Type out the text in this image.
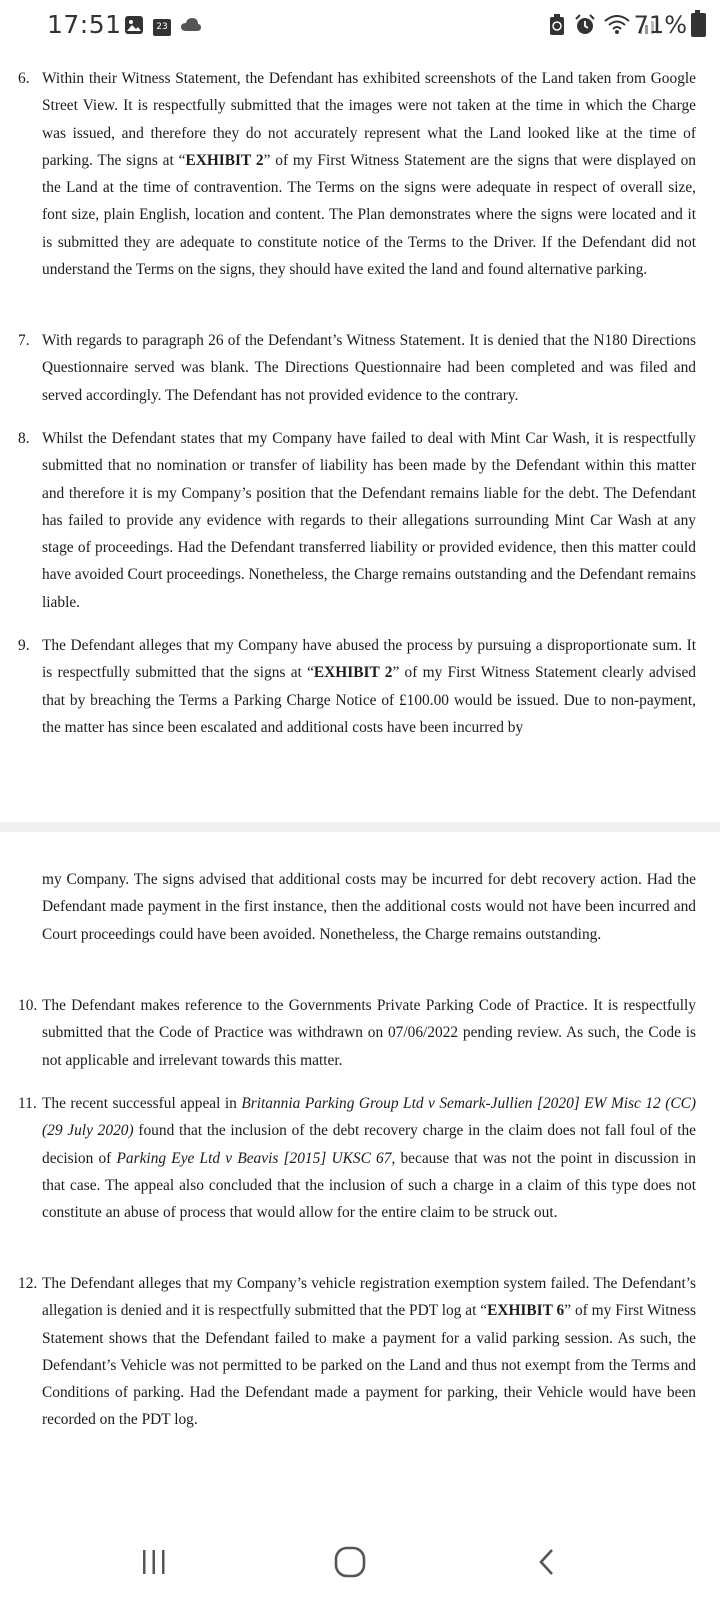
17:51	23	71%
6. Within their Witness Statement, the Defendant has exhibited screenshots of the Land taken from Google Street View. It is respectfully submitted that the images were not taken at the time in which the Charge was issued, and therefore they do not accurately represent what the Land looked like at the time of parking. The signs at “EXHIBIT 2” of my First Witness Statement are the signs that were displayed on the Land at the time of contravention. The Terms on the signs were adequate in respect of overall size, font size, plain English, location and content. The Plan demonstrates where the signs were located and it is submitted they are adequate to constitute notice of the Terms to the Driver. If the Defendant did not understand the Terms on the signs, they should have exited the land and found alternative parking.
7. With regards to paragraph 26 of the Defendant’s Witness Statement. It is denied that the N180 Directions Questionnaire served was blank. The Directions Questionnaire had been completed and was filed and served accordingly. The Defendant has not provided evidence to the contrary.
8. Whilst the Defendant states that my Company have failed to deal with Mint Car Wash, it is respectfully submitted that no nomination or transfer of liability has been made by the Defendant within this matter and therefore it is my Company’s position that the Defendant remains liable for the debt. The Defendant has failed to provide any evidence with regards to their allegations surrounding Mint Car Wash at any stage of proceedings. Had the Defendant transferred liability or provided evidence, then this matter could have avoided Court proceedings. Nonetheless, the Charge remains outstanding and the Defendant remains liable.
9. The Defendant alleges that my Company have abused the process by pursuing a disproportionate sum. It is respectfully submitted that the signs at “EXHIBIT 2” of my First Witness Statement clearly advised that by breaching the Terms a Parking Charge Notice of £100.00 would be issued. Due to non-payment, the matter has since been escalated and additional costs have been incurred by
my Company. The signs advised that additional costs may be incurred for debt recovery action. Had the Defendant made payment in the first instance, then the additional costs would not have been incurred and Court proceedings could have been avoided. Nonetheless, the Charge remains outstanding.
10. The Defendant makes reference to the Governments Private Parking Code of Practice. It is respectfully submitted that the Code of Practice was withdrawn on 07/06/2022 pending review. As such, the Code is not applicable and irrelevant towards this matter.
11. The recent successful appeal in Britannia Parking Group Ltd v Semark-Jullien [2020] EW Misc 12 (CC) (29 July 2020) found that the inclusion of the debt recovery charge in the claim does not fall foul of the decision of Parking Eye Ltd v Beavis [2015] UKSC 67, because that was not the point in discussion in that case. The appeal also concluded that the inclusion of such a charge in a claim of this type does not constitute an abuse of process that would allow for the entire claim to be struck out.
12. The Defendant alleges that my Company’s vehicle registration exemption system failed. The Defendant’s allegation is denied and it is respectfully submitted that the PDT log at “EXHIBIT 6” of my First Witness Statement shows that the Defendant failed to make a payment for a valid parking session. As such, the Defendant’s Vehicle was not permitted to be parked on the Land and thus not exempt from the Terms and Conditions of parking. Had the Defendant made a payment for parking, their Vehicle would have been recorded on the PDT log.
